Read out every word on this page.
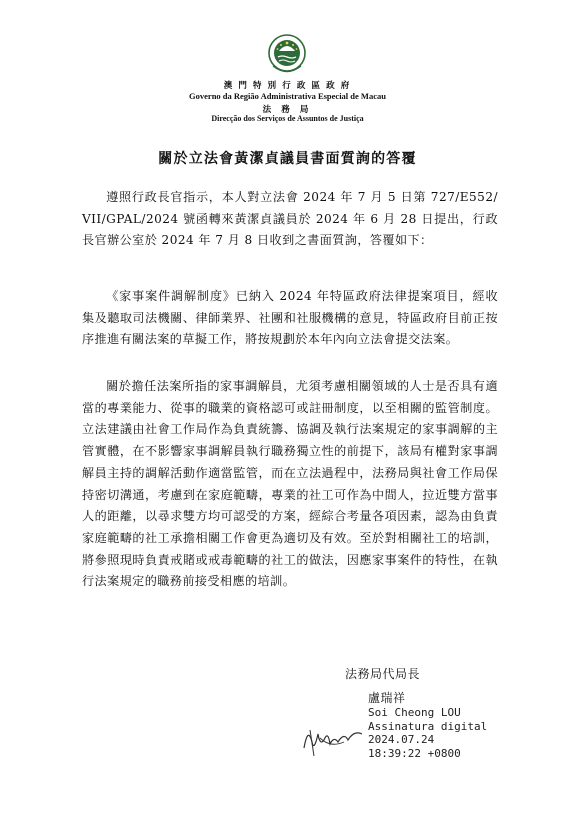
澳 門 特 別 行 政 區 政 府
Governo da Região Administrativa Especial de Macau
法 務 局
Direcção dos Serviços de Assuntos de Justiça
關於立法會黃潔貞議員書面質詢的答覆

遵照行政長官指示，本人對立法會 2024 年 7 月 5 日第 727/E552/VII/GPAL/2024 號函轉來黃潔貞議員於 2024 年 6 月 28 日提出，行政長官辦公室於 2024 年 7 月 8 日收到之書面質詢，答覆如下：

《家事案件調解制度》已納入 2024 年特區政府法律提案項目，經收集及聽取司法機關、律師業界、社團和社服機構的意見，特區政府目前正按序推進有關法案的草擬工作，將按規劃於本年內向立法會提交法案。

關於擔任法案所指的家事調解員，尤須考慮相關領域的人士是否具有適當的專業能力、從事的職業的資格認可或註冊制度，以至相關的監管制度。立法建議由社會工作局作為負責統籌、協調及執行法案規定的家事調解的主管實體，在不影響家事調解員執行職務獨立性的前提下，該局有權對家事調解員主持的調解活動作適當監管，而在立法過程中，法務局與社會工作局保持密切溝通，考慮到在家庭範疇，專業的社工可作為中間人，拉近雙方當事人的距離，以尋求雙方均可認受的方案，經綜合考量各項因素，認為由負責家庭範疇的社工承擔相關工作會更為適切及有效。至於對相關社工的培訓，將參照現時負責戒賭或戒毒範疇的社工的做法，因應家事案件的特性，在執行法案規定的職務前接受相應的培訓。

法務局代局長
盧瑞祥
Soi Cheong LOU
Assinatura digital
2024.07.24
18:39:22 +0800
